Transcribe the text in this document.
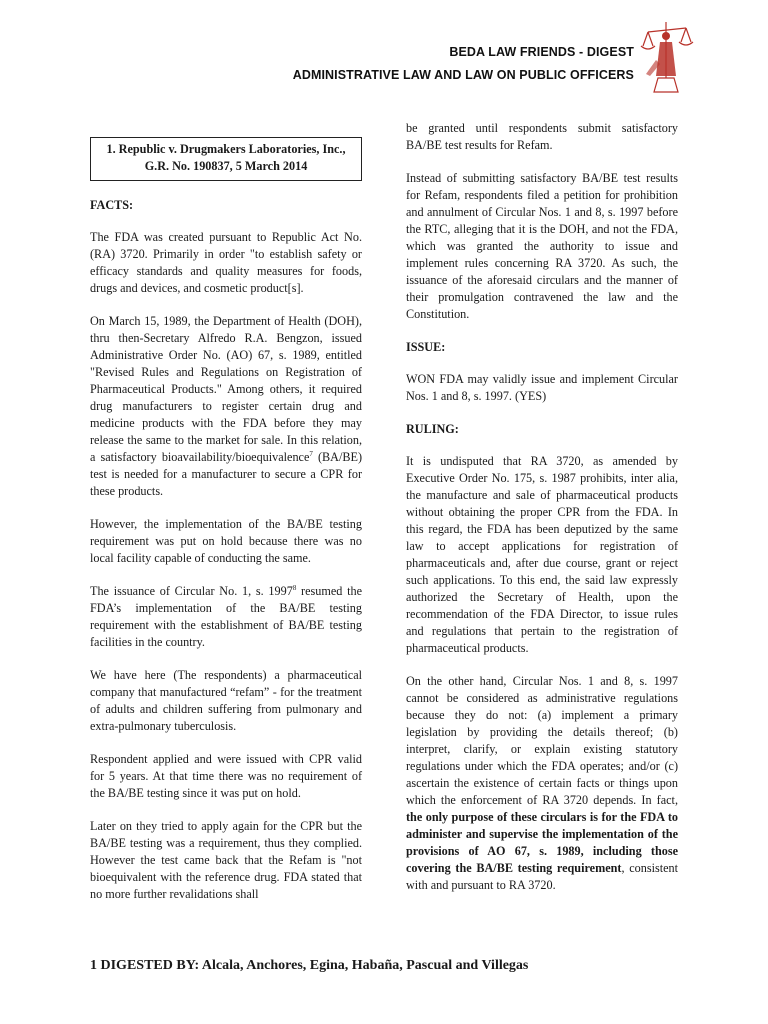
BEDA LAW FRIENDS - DIGEST
ADMINISTRATIVE LAW AND LAW ON PUBLIC OFFICERS
1. Republic v. Drugmakers Laboratories, Inc.,
G.R. No. 190837, 5 March 2014
FACTS:

The FDA was created pursuant to Republic Act No. (RA) 3720. Primarily in order "to establish safety or efficacy standards and quality measures for foods, drugs and devices, and cosmetic product[s].

On March 15, 1989, the Department of Health (DOH), thru then-Secretary Alfredo R.A. Bengzon, issued Administrative Order No. (AO) 67, s. 1989, entitled "Revised Rules and Regulations on Registration of Pharmaceutical Products." Among others, it required drug manufacturers to register certain drug and medicine products with the FDA before they may release the same to the market for sale. In this relation, a satisfactory bioavailability/bioequivalence$^7$ (BA/BE) test is needed for a manufacturer to secure a CPR for these products.

However, the implementation of the BA/BE testing requirement was put on hold because there was no local facility capable of conducting the same.

The issuance of Circular No. 1, s. 1997$^8$ resumed the FDA’s implementation of the BA/BE testing requirement with the establishment of BA/BE testing facilities in the country.

We have here (The respondents) a pharmaceutical company that manufactured “refam” - for the treatment of adults and children suffering from pulmonary and extra-pulmonary tuberculosis.

Respondent applied and were issued with CPR valid for 5 years. At that time there was no requirement of the BA/BE testing since it was put on hold.

Later on they tried to apply again for the CPR but the BA/BE testing was a requirement, thus they complied. However the test came back that the Refam is "not bioequivalent with the reference drug. FDA stated that no more further revalidations shall

be granted until respondents submit satisfactory BA/BE test results for Refam.

Instead of submitting satisfactory BA/BE test results for Refam, respondents filed a petition for prohibition and annulment of Circular Nos. 1 and 8, s. 1997 before the RTC, alleging that it is the DOH, and not the FDA, which was granted the authority to issue and implement rules concerning RA 3720. As such, the issuance of the aforesaid circulars and the manner of their promulgation contravened the law and the Constitution.

ISSUE:

WON FDA may validly issue and implement Circular Nos. 1 and 8, s. 1997. (YES)

RULING:

It is undisputed that RA 3720, as amended by Executive Order No. 175, s. 1987 prohibits, inter alia, the manufacture and sale of pharmaceutical products without obtaining the proper CPR from the FDA. In this regard, the FDA has been deputized by the same law to accept applications for registration of pharmaceuticals and, after due course, grant or reject such applications. To this end, the said law expressly authorized the Secretary of Health, upon the recommendation of the FDA Director, to issue rules and regulations that pertain to the registration of pharmaceutical products.

On the other hand, Circular Nos. 1 and 8, s. 1997 cannot be considered as administrative regulations because they do not: (a) implement a primary legislation by providing the details thereof; (b) interpret, clarify, or explain existing statutory regulations under which the FDA operates; and/or (c) ascertain the existence of certain facts or things upon which the enforcement of RA 3720 depends. In fact, the only purpose of these circulars is for the FDA to administer and supervise the implementation of the provisions of AO 67, s. 1989, including those covering the BA/BE testing requirement, consistent with and pursuant to RA 3720.

1 DIGESTED BY: Alcala, Anchores, Egina, Habaña, Pascual and Villegas
